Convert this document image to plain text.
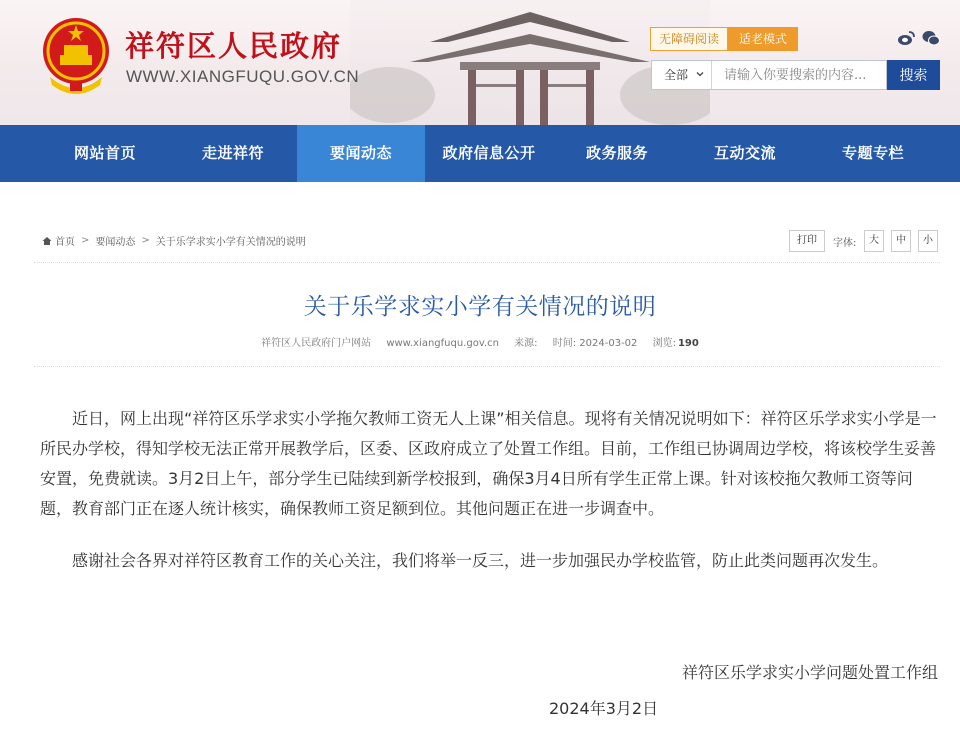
祥符区人民政府
WWW.XIANGFUQU.GOV.CN
无障碍阅读	适老模式
全部
请输入你要搜索的内容...	搜索
网站首页	走进祥符	要闻动态	政府信息公开	政务服务	互动交流	专题专栏
首页 > 要闻动态 > 关于乐学求实小学有关情况的说明	打印	字体:	大	中	小
关于乐学求实小学有关情况的说明
祥符区人民政府门户网站 www.xiangfuqu.gov.cn 来源: 时间: 2024-03-02 浏览: 190

近日，网上出现“祥符区乐学求实小学拖欠教师工资无人上课”相关信息。现将有关情况说明如下：祥符区乐学求实小学是一所民办学校，得知学校无法正常开展教学后，区委、区政府成立了处置工作组。目前，工作组已协调周边学校，将该校学生妥善安置，免费就读。3月2日上午，部分学生已陆续到新学校报到，确保3月4日所有学生正常上课。针对该校拖欠教师工资等问题，教育部门正在逐人统计核实，确保教师工资足额到位。其他问题正在进一步调查中。

感谢社会各界对祥符区教育工作的关心关注，我们将举一反三，进一步加强民办学校监管，防止此类问题再次发生。

祥符区乐学求实小学问题处置工作组
2024年3月2日
